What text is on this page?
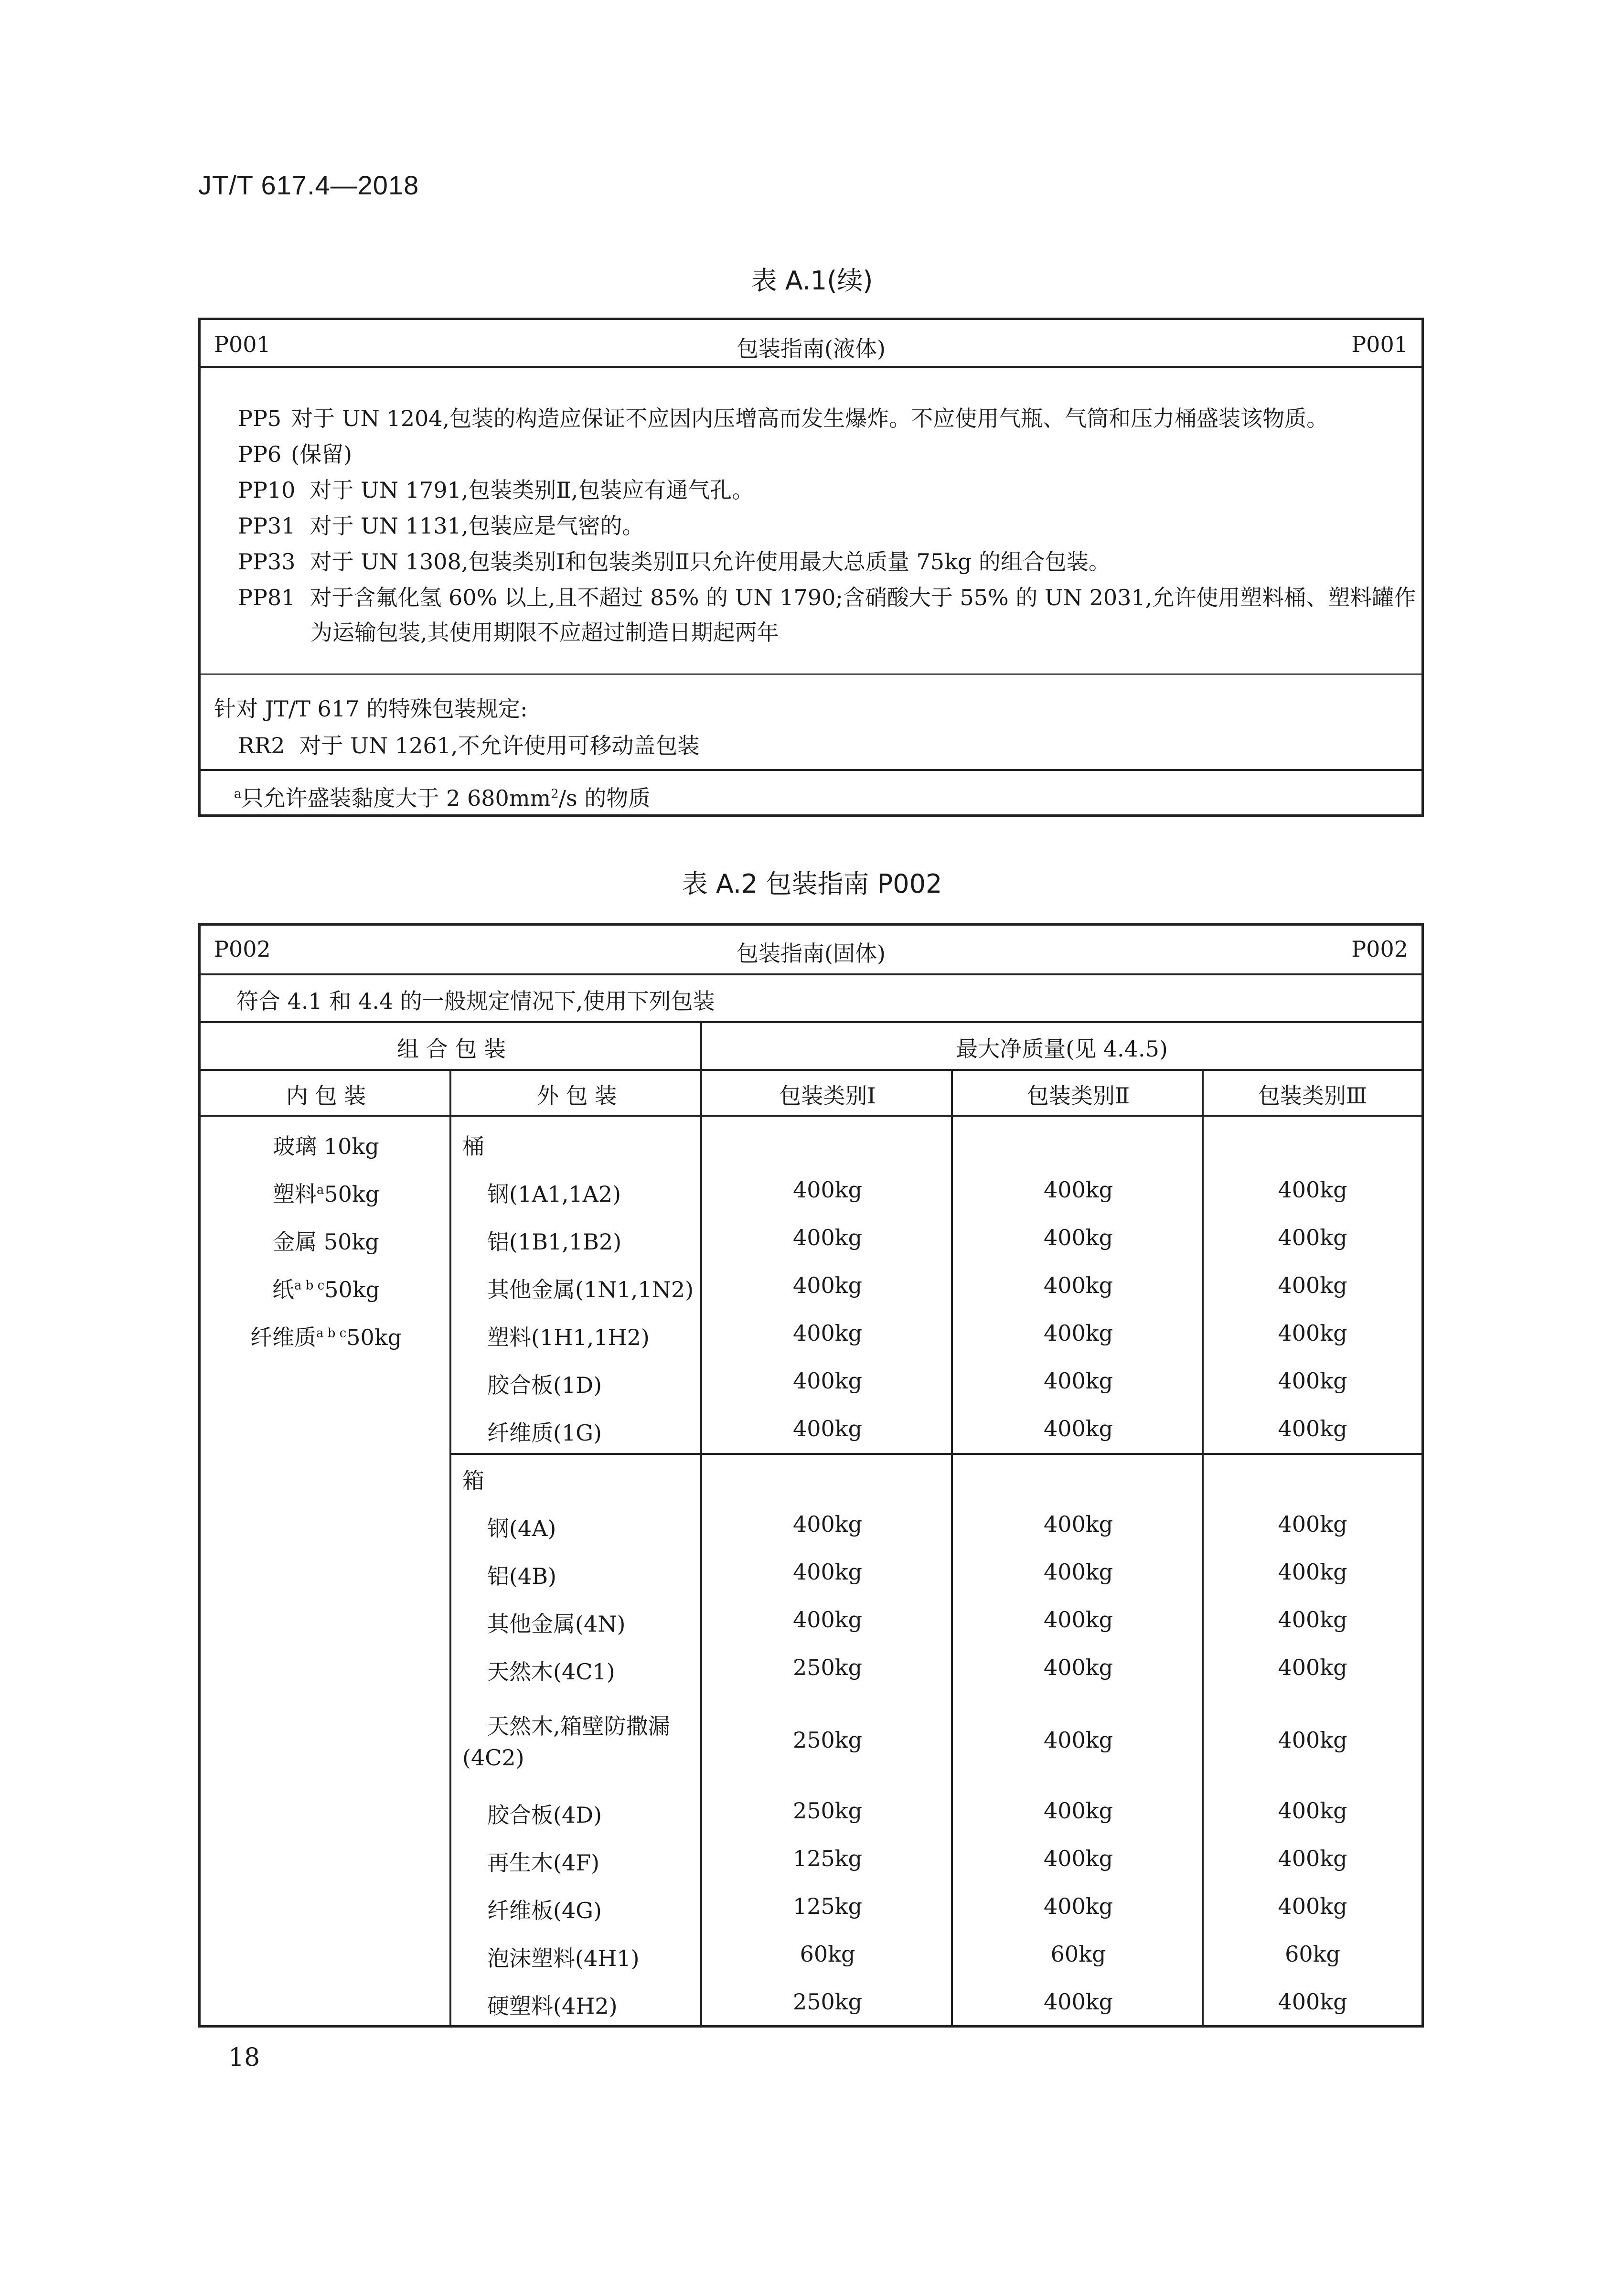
JT/T 617.4—2018
表 A.1(续)
P001	包装指南(液体)	P001
PP5 对于 UN 1204,包装的构造应保证不应因内压增高而发生爆炸。不应使用气瓶、气筒和压力桶盛装该物质。
PP6 (保留)
PP10 对于 UN 1791,包装类别Ⅱ,包装应有通气孔。
PP31 对于 UN 1131,包装应是气密的。
PP33 对于 UN 1308,包装类别Ⅰ和包装类别Ⅱ只允许使用最大总质量 75kg 的组合包装。
PP81 对于含氟化氢 60% 以上,且不超过 85% 的 UN 1790;含硝酸大于 55% 的 UN 2031,允许使用塑料桶、塑料罐作
为运输包装,其使用期限不应超过制造日期起两年
针对 JT/T 617 的特殊包装规定:
RR2 对于 UN 1261,不允许使用可移动盖包装
$^a$只允许盛装黏度大于 2 $680mm^2/s$ 的物质
表 A.2 包装指南 P002
P002	包装指南(固体)	P002
符合 4.1 和 4.4 的一般规定情况下,使用下列包装
组 合 包 装	最大净质量(见 4.4.5)
内 包 装	外 包 装	包装类别Ⅰ	包装类别Ⅱ	包装类别Ⅲ
玻璃 10kg
塑料$^a$50kg
金属 50kg
纸$^{a b c}$50kg
纤维质$^{a b c}$50kg
桶
钢(1A1,1A2)	400kg	400kg	400kg
铝(1B1,1B2)	400kg	400kg	400kg
其他金属(1N1,1N2)	400kg	400kg	400kg
塑料(1H1,1H2)	400kg	400kg	400kg
胶合板(1D)	400kg	400kg	400kg
纤维质(1G)	400kg	400kg	400kg
箱
钢(4A)	400kg	400kg	400kg
铝(4B)	400kg	400kg	400kg
其他金属(4N)	400kg	400kg	400kg
天然木(4C1)	250kg	400kg	400kg
天然木,箱壁防撒漏
(4C2)
250kg	400kg	400kg
胶合板(4D)	250kg	400kg	400kg
再生木(4F)	125kg	400kg	400kg
纤维板(4G)	125kg	400kg	400kg
泡沫塑料(4H1)	60kg	60kg	60kg
硬塑料(4H2)	250kg	400kg	400kg
18
